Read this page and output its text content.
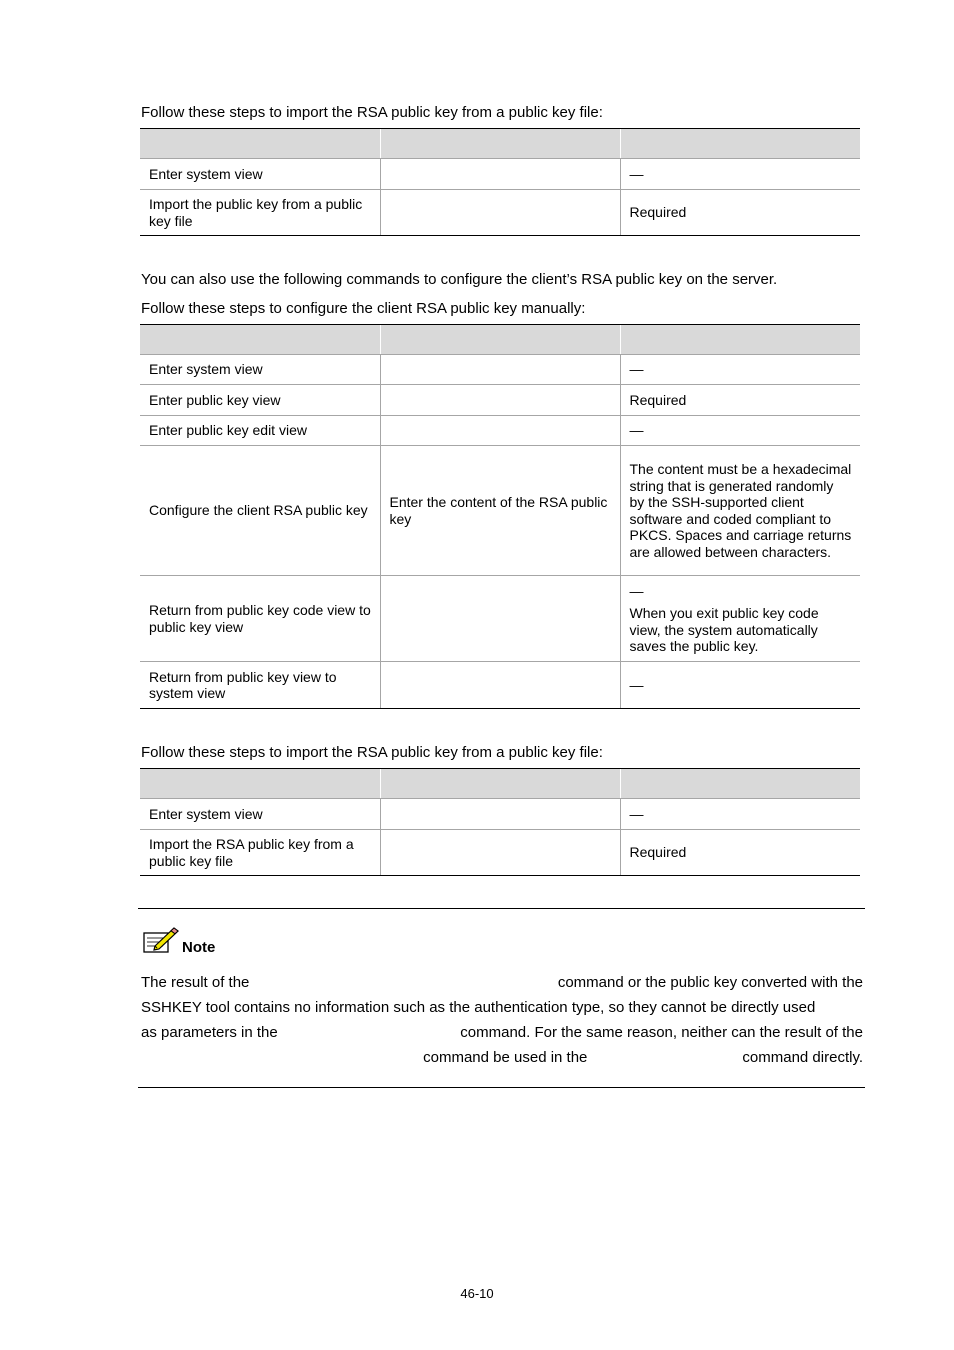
Follow these steps to import the RSA public key from a public key file:

Enter system view		—
Import the public key from a public key file		Required
You can also use the following commands to configure the client’s RSA public key on the server.
Follow these steps to configure the client RSA public key manually:

Enter system view		—
Enter public key view		Required
Enter public key edit view		—
Configure the client RSA public key	Enter the content of the RSA public key	The content must be a hexadecimal string that is generated randomly by the SSH-supported client software and coded compliant to PKCS. Spaces and carriage returns are allowed between characters.
Return from public key code view to public key view		—
When you exit public key code view, the system automatically saves the public key.

Return from public key view to system view		—
Follow these steps to import the RSA public key from a public key file:

Enter system view		—
Import the RSA public key from a public key file		Required
Note
The result of the	command or the public key converted with the
SSHKEY tool contains no information such as the authentication type, so they cannot be directly used
as parameters in the	command. For the same reason, neither can the result of the
command be used in the	command directly.
46-10
